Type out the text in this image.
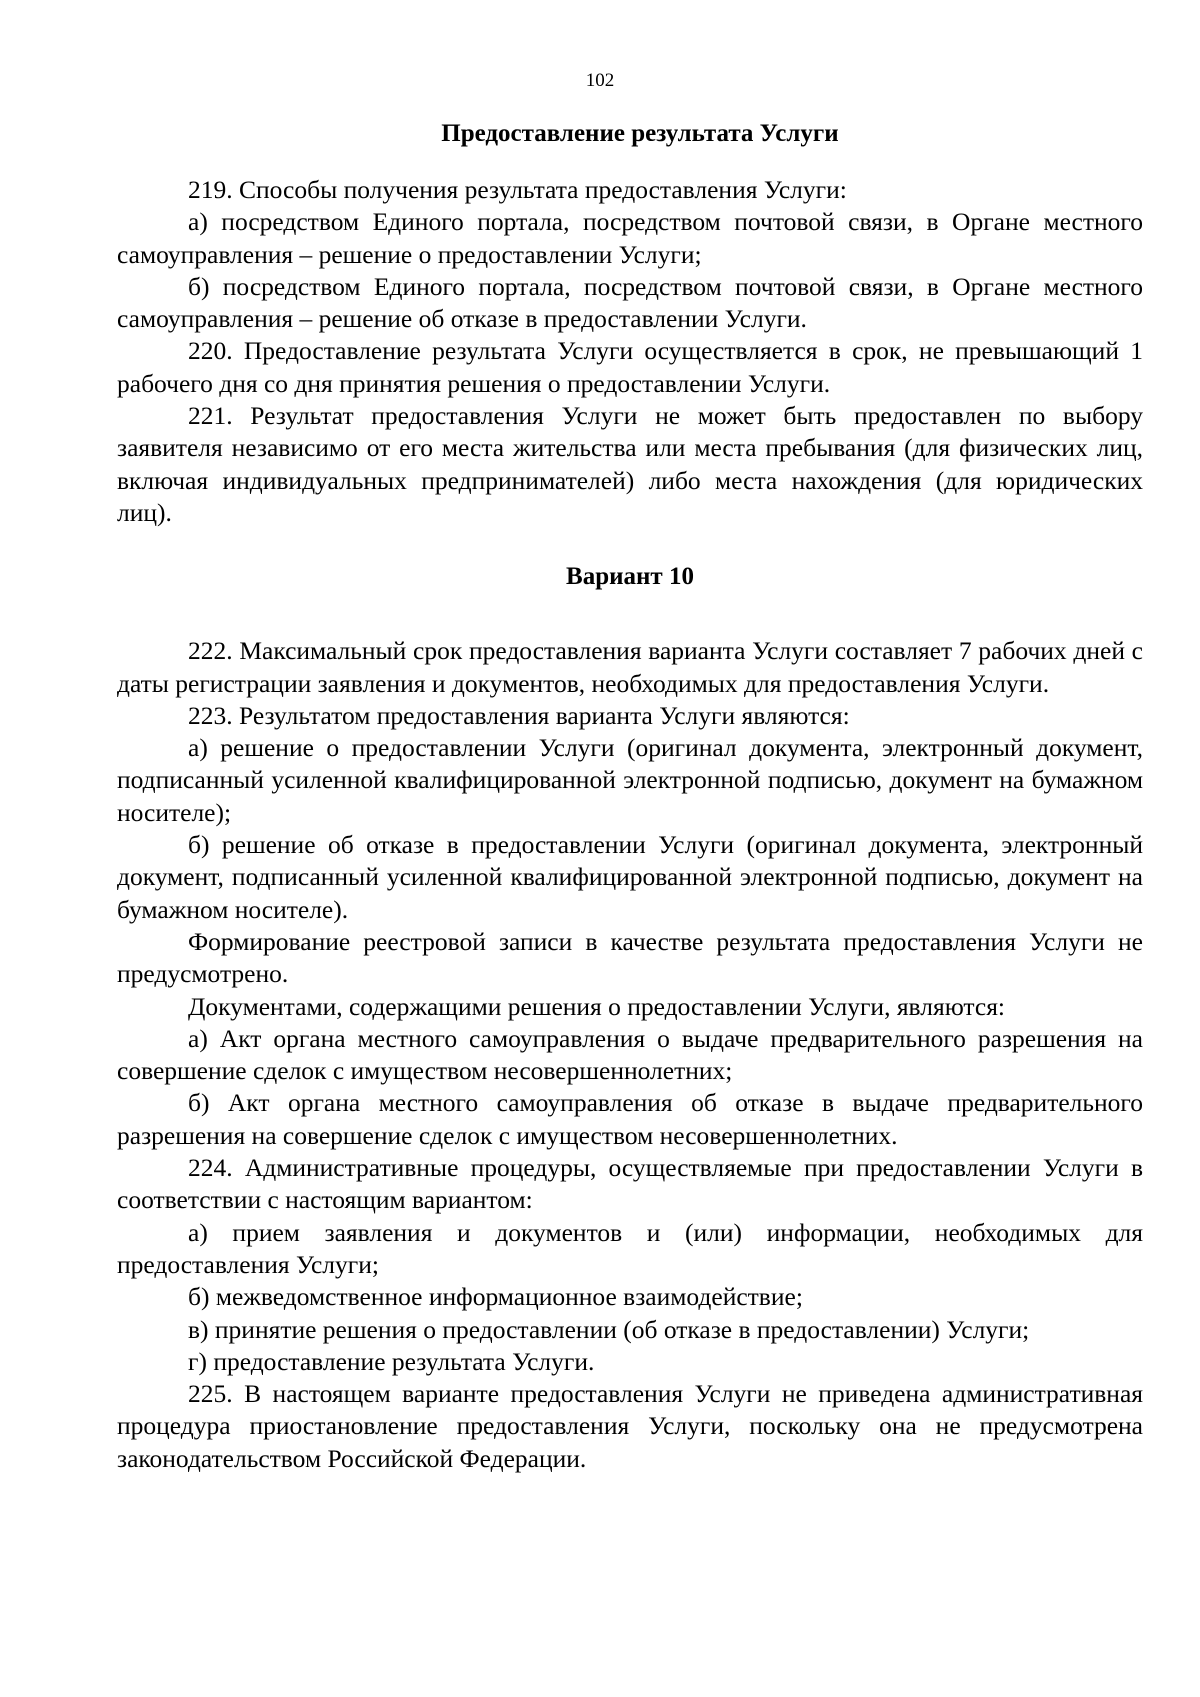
102
Предоставление результата Услуги

219. Способы получения результата предоставления Услуги:

а) посредством Единого портала, посредством почтовой связи, в Органе местного самоуправления – решение о предоставлении Услуги;

б) посредством Единого портала, посредством почтовой связи, в Органе местного самоуправления – решение об отказе в предоставлении Услуги.

220. Предоставление результата Услуги осуществляется в срок, не превышающий 1 рабочего дня со дня принятия решения о предоставлении Услуги.

221. Результат предоставления Услуги не может быть предоставлен по выбору заявителя независимо от его места жительства или места пребывания (для физических лиц, включая индивидуальных предпринимателей) либо места нахождения (для юридических лиц).

Вариант 10

222. Максимальный срок предоставления варианта Услуги составляет 7 рабочих дней с даты регистрации заявления и документов, необходимых для предоставления Услуги.

223. Результатом предоставления варианта Услуги являются:

а) решение о предоставлении Услуги (оригинал документа, электронный документ, подписанный усиленной квалифицированной электронной подписью, документ на бумажном носителе);

б) решение об отказе в предоставлении Услуги (оригинал документа, электронный документ, подписанный усиленной квалифицированной электронной подписью, документ на бумажном носителе).

Формирование реестровой записи в качестве результата предоставления Услуги не предусмотрено.

Документами, содержащими решения о предоставлении Услуги, являются:

а) Акт органа местного самоуправления о выдаче предварительного разрешения на совершение сделок с имуществом несовершеннолетних;

б) Акт органа местного самоуправления об отказе в выдаче предварительного разрешения на совершение сделок с имуществом несовершеннолетних.

224. Административные процедуры, осуществляемые при предоставлении Услуги в соответствии с настоящим вариантом:

а) прием заявления и документов и (или) информации, необходимых для предоставления Услуги;

б) межведомственное информационное взаимодействие;

в) принятие решения о предоставлении (об отказе в предоставлении) Услуги;

г) предоставление результата Услуги.

225. В настоящем варианте предоставления Услуги не приведена административная процедура приостановление предоставления Услуги, поскольку она не предусмотрена законодательством Российской Федерации.
